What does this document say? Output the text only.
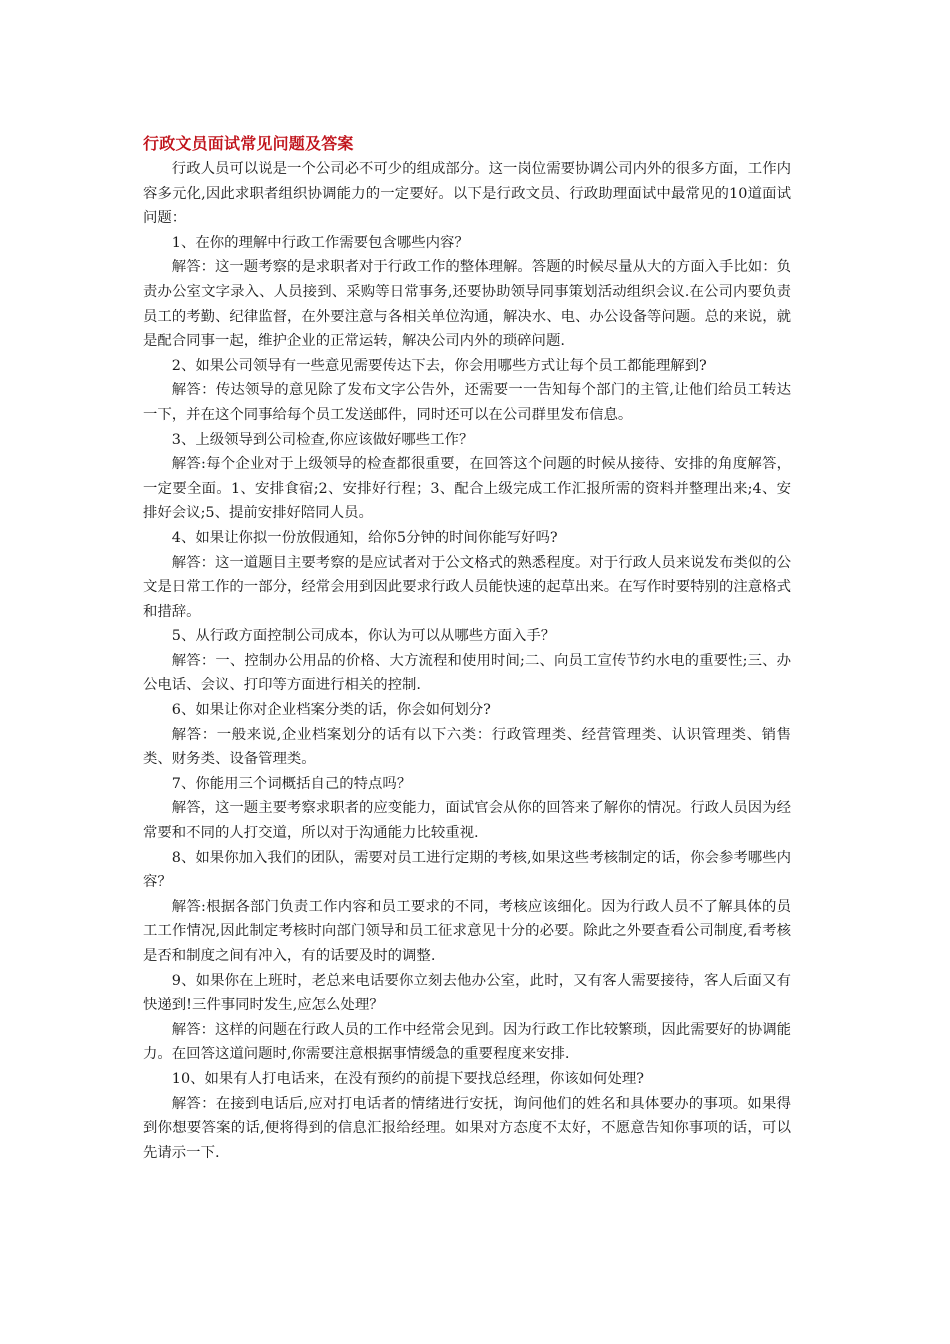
行政文员面试常见问题及答案

行政人员可以说是一个公司必不可少的组成部分。这一岗位需要协调公司内外的很多方面，工作内容多元化,因此求职者组织协调能力的一定要好。以下是行政文员、行政助理面试中最常见的10道面试问题：

1、在你的理解中行政工作需要包含哪些内容？

解答：这一题考察的是求职者对于行政工作的整体理解。答题的时候尽量从大的方面入手比如：负责办公室文字录入、人员接到、采购等日常事务,还要协助领导同事策划活动组织会议.在公司内要负责员工的考勤、纪律监督，在外要注意与各相关单位沟通，解决水、电、办公设备等问题。总的来说，就是配合同事一起，维护企业的正常运转，解决公司内外的琐碎问题.

2、如果公司领导有一些意见需要传达下去，你会用哪些方式让每个员工都能理解到?

解答：传达领导的意见除了发布文字公告外，还需要一一告知每个部门的主管,让他们给员工转达一下，并在这个同事给每个员工发送邮件，同时还可以在公司群里发布信息。

3、上级领导到公司检查,你应该做好哪些工作？

解答:每个企业对于上级领导的检查都很重要，在回答这个问题的时候从接待、安排的角度解答，一定要全面。1、安排食宿;2、安排好行程；3、配合上级完成工作汇报所需的资料并整理出来;4、安排好会议;5、提前安排好陪同人员。

4、如果让你拟一份放假通知，给你5分钟的时间你能写好吗?

解答：这一道题目主要考察的是应试者对于公文格式的熟悉程度。对于行政人员来说发布类似的公文是日常工作的一部分，经常会用到因此要求行政人员能快速的起草出来。在写作时要特别的注意格式和措辞。

5、从行政方面控制公司成本，你认为可以从哪些方面入手？

解答：一、控制办公用品的价格、大方流程和使用时间;二、向员工宣传节约水电的重要性;三、办公电话、会议、打印等方面进行相关的控制.

6、如果让你对企业档案分类的话，你会如何划分?

解答：一般来说,企业档案划分的话有以下六类：行政管理类、经营管理类、认识管理类、销售类、财务类、设备管理类。

7、你能用三个词概括自己的特点吗？

解答，这一题主要考察求职者的应变能力，面试官会从你的回答来了解你的情况。行政人员因为经常要和不同的人打交道，所以对于沟通能力比较重视.

8、如果你加入我们的团队，需要对员工进行定期的考核,如果这些考核制定的话，你会参考哪些内容？

解答:根据各部门负责工作内容和员工要求的不同，考核应该细化。因为行政人员不了解具体的员工工作情况,因此制定考核时向部门领导和员工征求意见十分的必要。除此之外要查看公司制度,看考核是否和制度之间有冲入，有的话要及时的调整.

9、如果你在上班时，老总来电话要你立刻去他办公室，此时，又有客人需要接待，客人后面又有快递到!三件事同时发生,应怎么处理？

解答：这样的问题在行政人员的工作中经常会见到。因为行政工作比较繁琐，因此需要好的协调能力。在回答这道问题时,你需要注意根据事情缓急的重要程度来安排.

10、如果有人打电话来，在没有预约的前提下要找总经理，你该如何处理?

解答：在接到电话后,应对打电话者的情绪进行安抚，询问他们的姓名和具体要办的事项。如果得到你想要答案的话,便将得到的信息汇报给经理。如果对方态度不太好，不愿意告知你事项的话，可以先请示一下.
